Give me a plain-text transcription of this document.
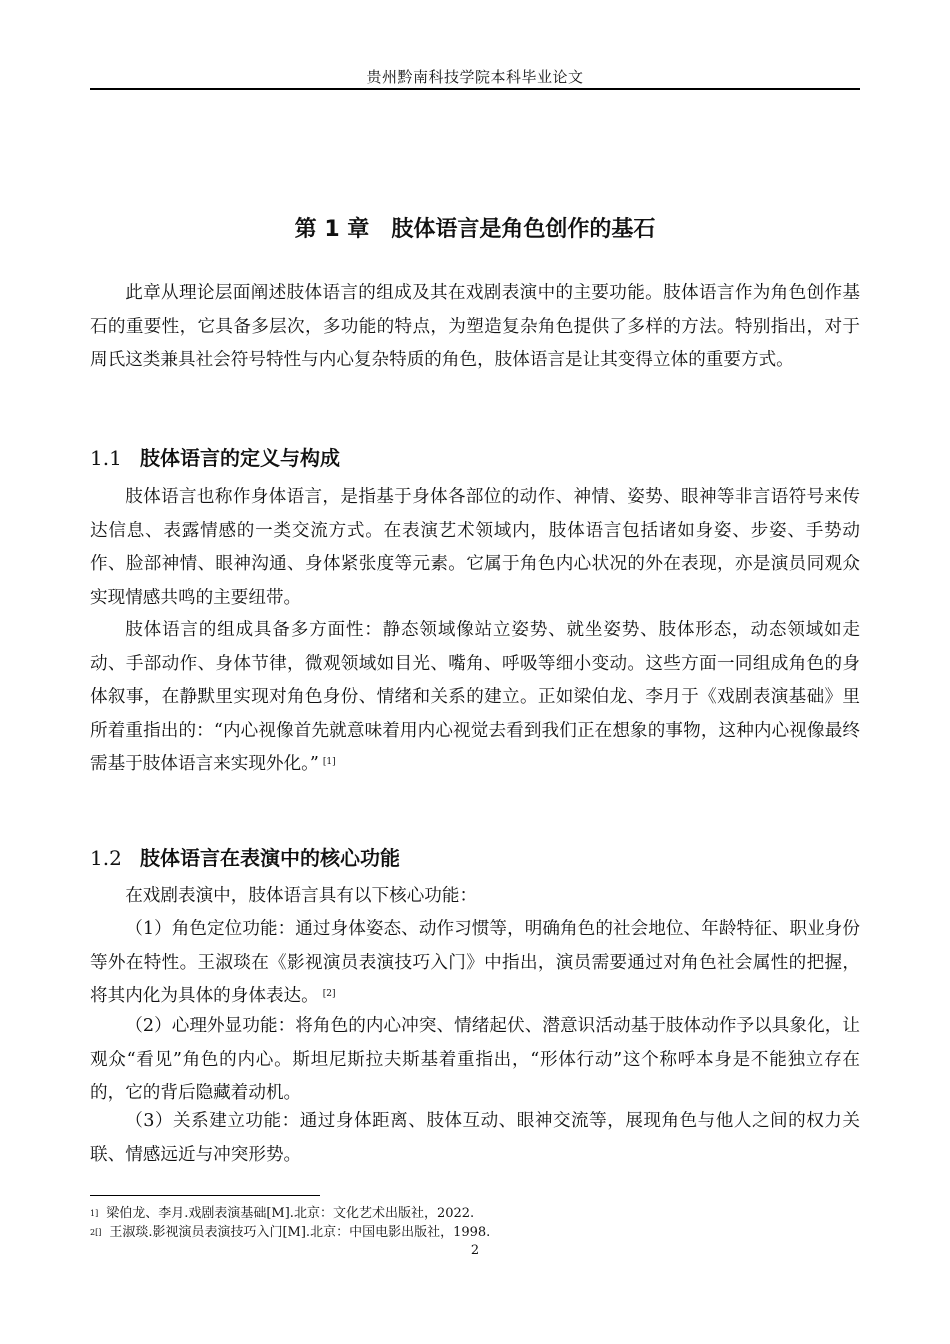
贵州黔南科技学院本科毕业论文
第 1 章 肢体语言是角色创作的基石

此章从理论层面阐述肢体语言的组成及其在戏剧表演中的主要功能。肢体语言作为角色创作基石的重要性，它具备多层次，多功能的特点，为塑造复杂角色提供了多样的方法。特别指出，对于周氏这类兼具社会符号特性与内心复杂特质的角色，肢体语言是让其变得立体的重要方式。

1.1 肢体语言的定义与构成

肢体语言也称作身体语言，是指基于身体各部位的动作、神情、姿势、眼神等非言语符号来传达信息、表露情感的一类交流方式。在表演艺术领域内，肢体语言包括诸如身姿、步姿、手势动作、脸部神情、眼神沟通、身体紧张度等元素。它属于角色内心状况的外在表现，亦是演员同观众实现情感共鸣的主要纽带。

肢体语言的组成具备多方面性：静态领域像站立姿势、就坐姿势、肢体形态，动态领域如走动、手部动作、身体节律，微观领域如目光、嘴角、呼吸等细小变动。这些方面一同组成角色的身体叙事，在静默里实现对角色身份、情绪和关系的建立。正如梁伯龙、李月于《戏剧表演基础》里所着重指出的：“内心视像首先就意味着用内心视觉去看到我们正在想象的事物，这种内心视像最终需基于肢体语言来实现外化。” [1]

1.2 肢体语言在表演中的核心功能

在戏剧表演中，肢体语言具有以下核心功能：

（1）角色定位功能：通过身体姿态、动作习惯等，明确角色的社会地位、年龄特征、职业身份等外在特性。王淑琰在《影视演员表演技巧入门》中指出，演员需要通过对角色社会属性的把握，将其内化为具体的身体表达。 [2]

（2）心理外显功能：将角色的内心冲突、情绪起伏、潜意识活动基于肢体动作予以具象化，让观众“看见”角色的内心。斯坦尼斯拉夫斯基着重指出，“形体行动”这个称呼本身是不能独立存在的，它的背后隐藏着动机。

（3）关系建立功能：通过身体距离、肢体互动、眼神交流等，展现角色与他人之间的权力关联、情感远近与冲突形势。

$^{1]}$ 梁伯龙、李月.戏剧表演基础[M].北京：文化艺术出版社，2022.
$^{2[]}$ 王淑琰.影视演员表演技巧入门[M].北京：中国电影出版社，1998.
2
